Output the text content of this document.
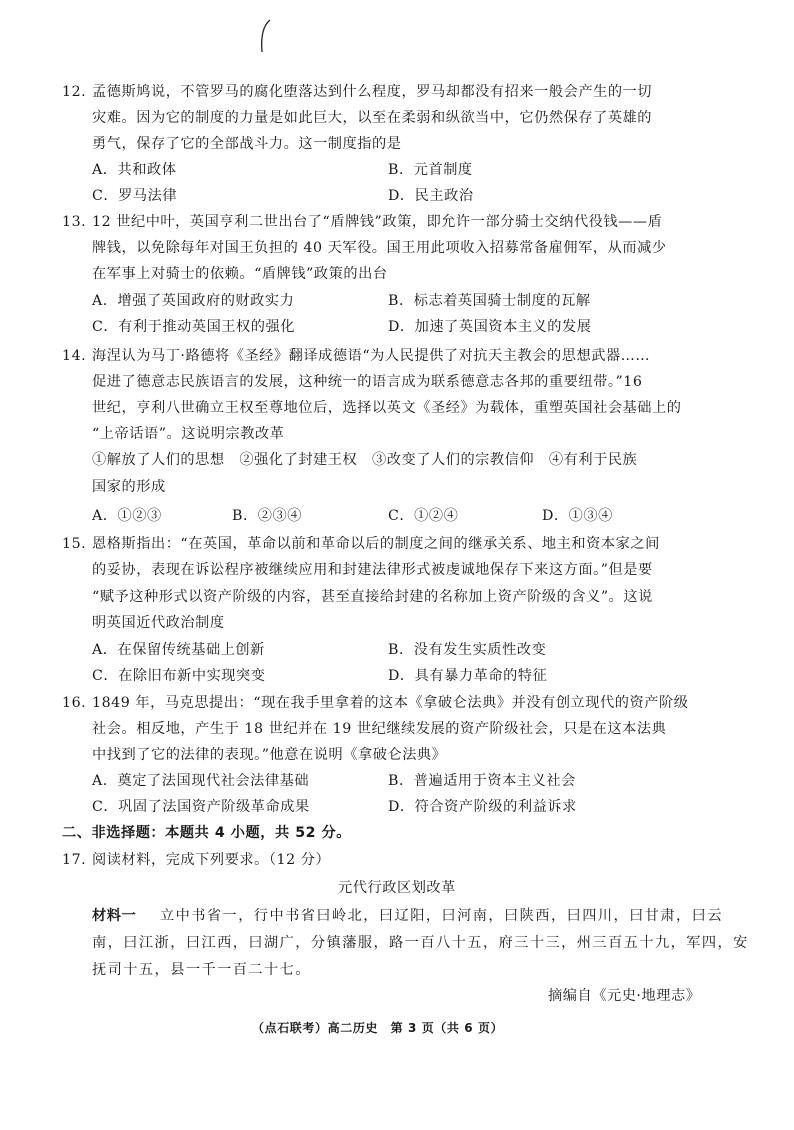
12. 孟德斯鸠说，不管罗马的腐化堕落达到什么程度，罗马却都没有招来一般会产生的一切
灾难。因为它的制度的力量是如此巨大，以至在柔弱和纵欲当中，它仍然保存了英雄的
勇气，保存了它的全部战斗力。这一制度指的是
A．共和政体	B．元首制度
C．罗马法律	D．民主政治
13. 12 世纪中叶，英国亨利二世出台了“盾牌钱”政策，即允许一部分骑士交纳代役钱——盾
牌钱，以免除每年对国王负担的 40 天军役。国王用此项收入招募常备雇佣军，从而减少
在军事上对骑士的依赖。“盾牌钱”政策的出台
A．增强了英国政府的财政实力	B．标志着英国骑士制度的瓦解
C．有利于推动英国王权的强化	D．加速了英国资本主义的发展
14. 海涅认为马丁·路德将《圣经》翻译成德语“为人民提供了对抗天主教会的思想武器……
促进了德意志民族语言的发展，这种统一的语言成为联系德意志各邦的重要纽带。”16
世纪，亨利八世确立王权至尊地位后，选择以英文《圣经》为载体，重塑英国社会基础上的
“上帝话语”。这说明宗教改革
①解放了人们的思想　②强化了封建王权　③改变了人们的宗教信仰　④有利于民族
国家的形成
A．①②③	B．②③④	C．①②④	D．①③④
15. 恩格斯指出：“在英国，革命以前和革命以后的制度之间的继承关系、地主和资本家之间
的妥协，表现在诉讼程序被继续应用和封建法律形式被虔诚地保存下来这方面。”但是要
“赋予这种形式以资产阶级的内容，甚至直接给封建的名称加上资产阶级的含义”。这说
明英国近代政治制度
A．在保留传统基础上创新	B．没有发生实质性改变
C．在除旧布新中实现突变	D．具有暴力革命的特征
16. 1849 年，马克思提出：“现在我手里拿着的这本《拿破仑法典》并没有创立现代的资产阶级
社会。相反地，产生于 18 世纪并在 19 世纪继续发展的资产阶级社会，只是在这本法典
中找到了它的法律的表现。”他意在说明《拿破仑法典》
A．奠定了法国现代社会法律基础	B．普遍适用于资本主义社会
C．巩固了法国资产阶级革命成果	D．符合资产阶级的利益诉求
二、非选择题：本题共 4 小题，共 52 分。
17. 阅读材料，完成下列要求。（12 分）
元代行政区划改革
材料一 立中书省一，行中书省曰岭北，曰辽阳，曰河南，曰陕西，曰四川，曰甘肃，曰云
南，曰江浙，曰江西，曰湖广，分镇藩服，路一百八十五，府三十三，州三百五十九，军四，安
抚司十五，县一千一百二十七。
摘编自《元史·地理志》
（点石联考）高二历史　第 3 页（共 6 页）
